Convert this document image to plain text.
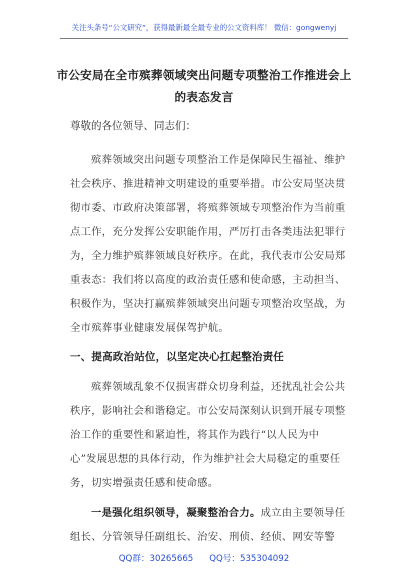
关注头条号“公文研究”，获得最新最全最专业的公文资料库！ 微信：gongwenyj
市公安局在全市殡葬领域突出问题专项整治工作推进会上
的表态发言

尊敬的各位领导、同志们：

殡葬领域突出问题专项整治工作是保障民生福祉、维护社会秩序、推进精神文明建设的重要举措。市公安局坚决贯彻市委、市政府决策部署，将殡葬领域专项整治作为当前重点工作，充分发挥公安职能作用，严厉打击各类违法犯罪行为，全力维护殡葬领域良好秩序。在此，我代表市公安局郑重表态：我们将以高度的政治责任感和使命感，主动担当、积极作为，坚决打赢殡葬领域突出问题专项整治攻坚战，为全市殡葬事业健康发展保驾护航。

一、提高政治站位，以坚定决心扛起整治责任

殡葬领域乱象不仅损害群众切身利益，还扰乱社会公共秩序，影响社会和谐稳定。市公安局深刻认识到开展专项整治工作的重要性和紧迫性，将其作为践行“以人民为中心”发展思想的具体行动，作为维护社会大局稳定的重要任务，切实增强责任感和使命感。

一是强化组织领导，凝聚整治合力。成立由主要领导任组长、分管领导任副组长、治安、刑侦、经侦、网安等警

QQ群：30265665 QQ号：535304092
